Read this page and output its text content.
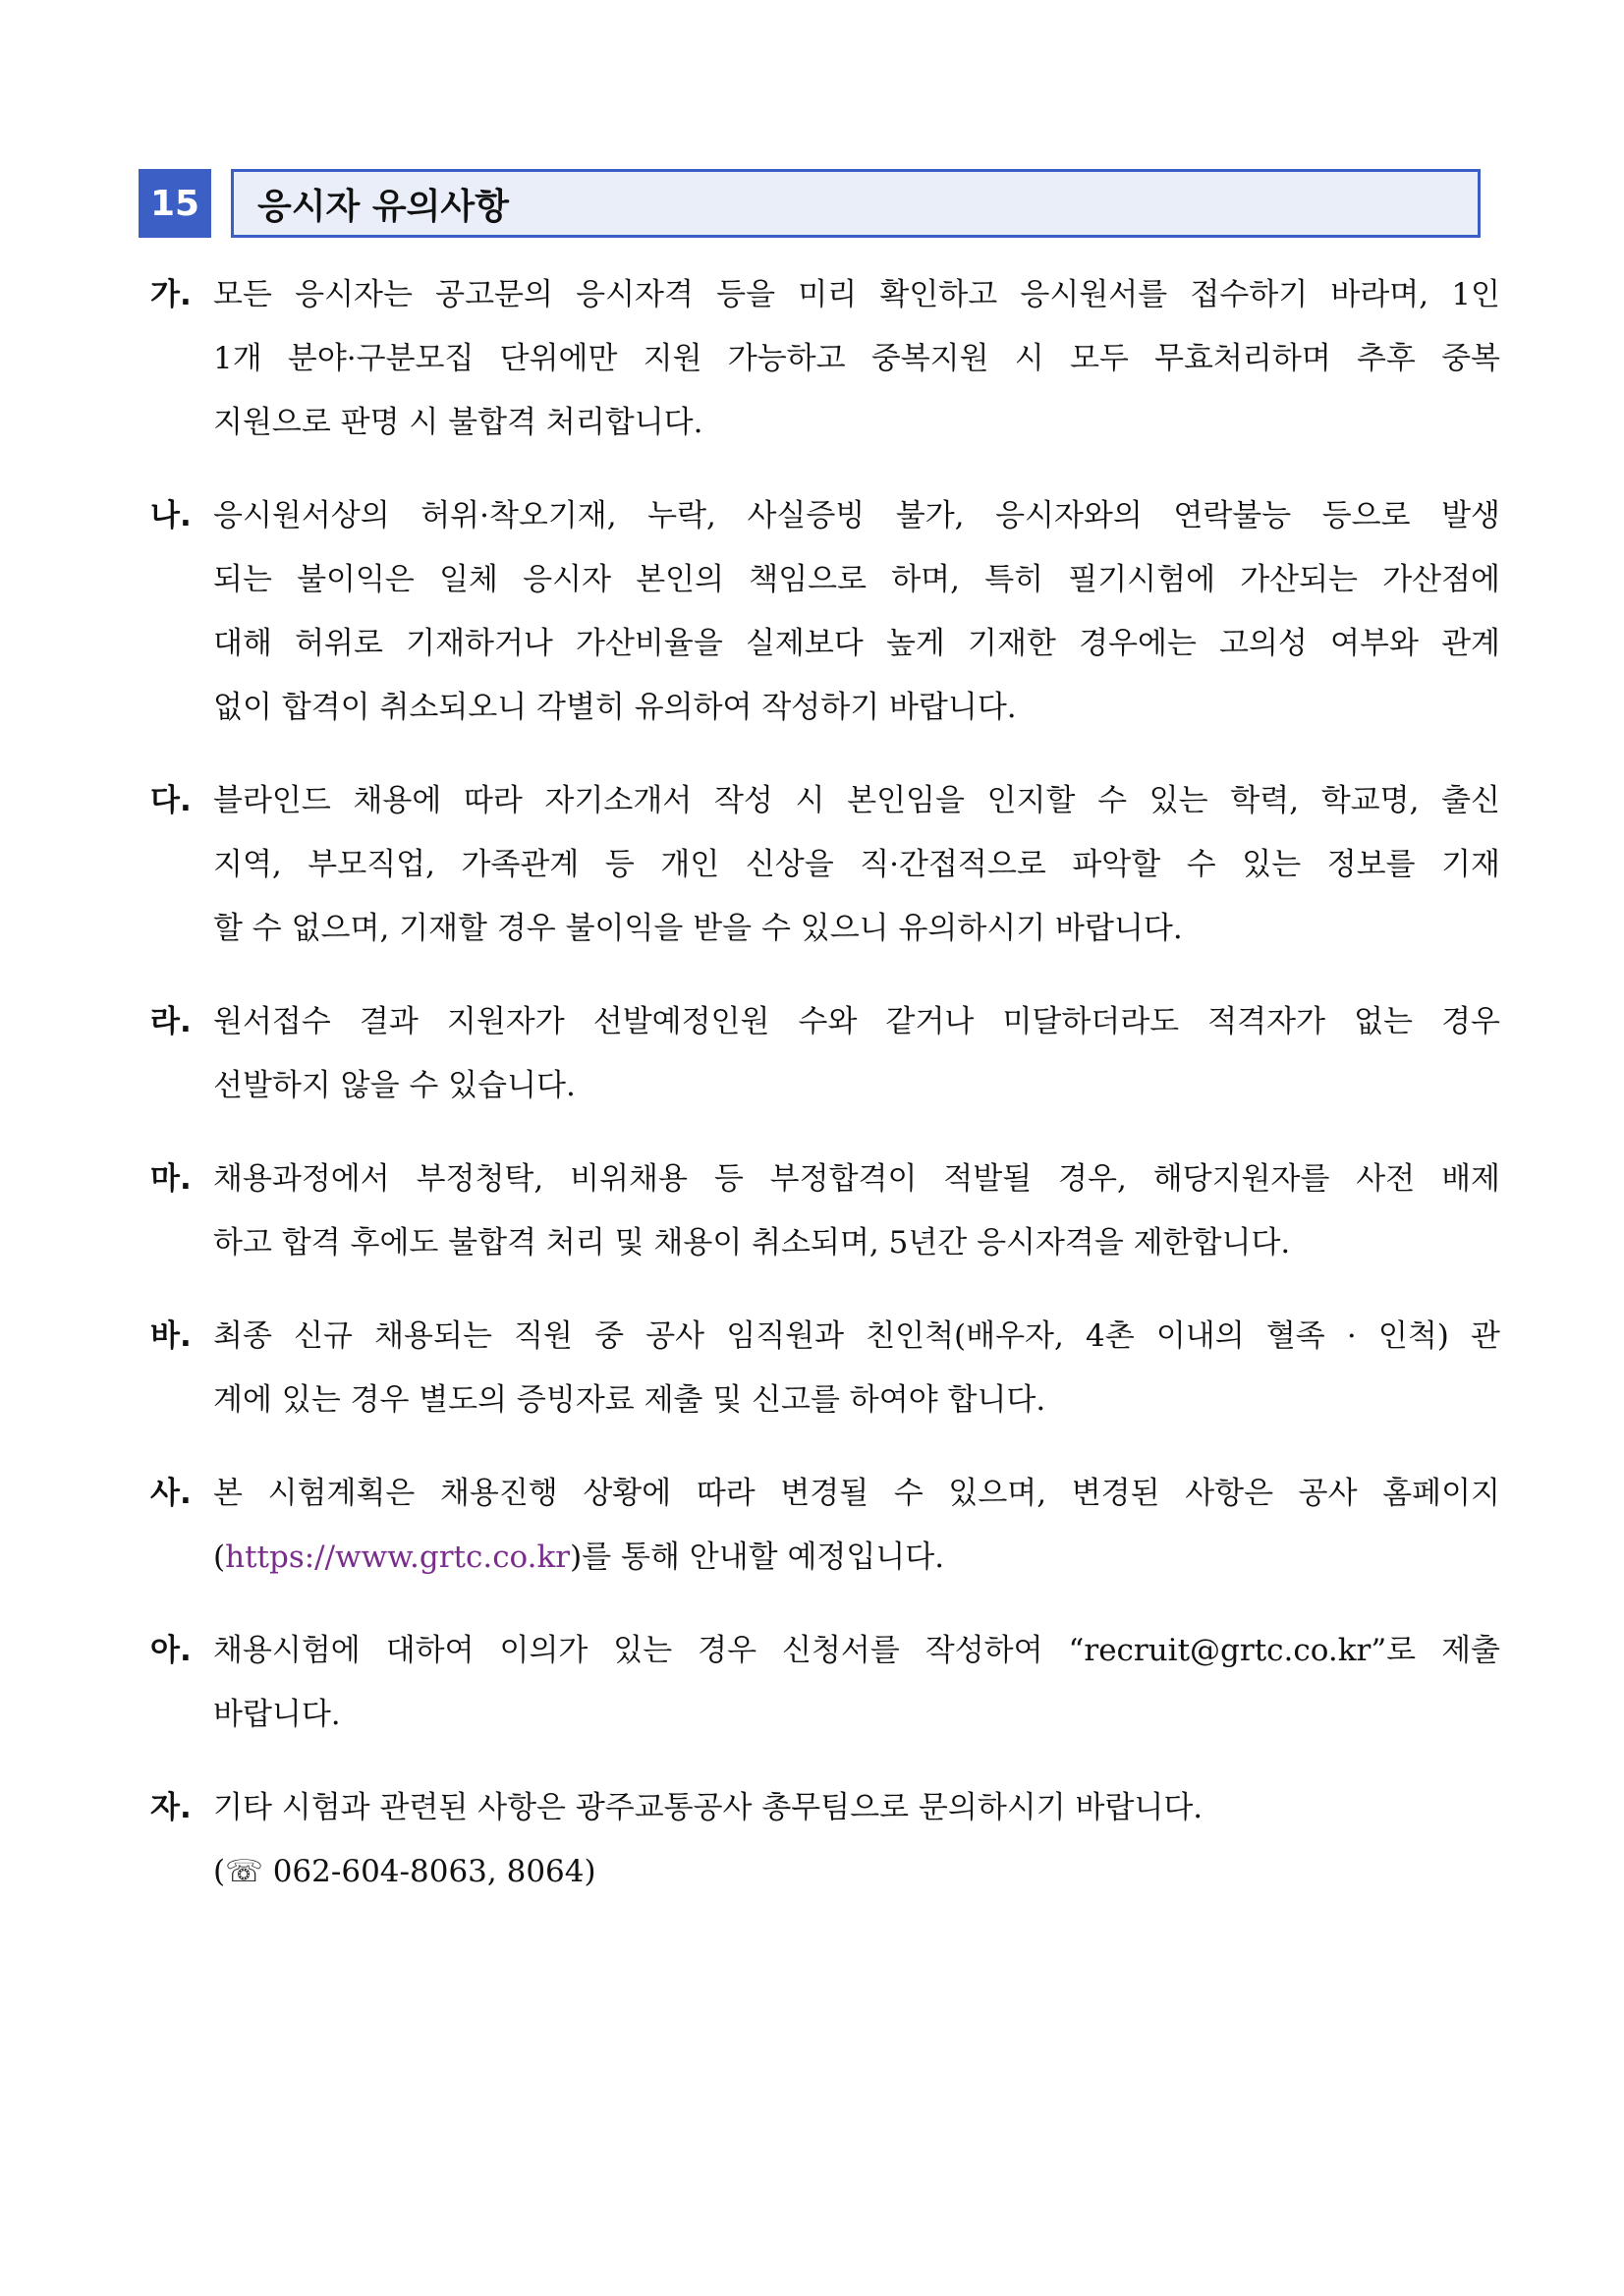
15	응시자 유의사항
가. 모든 응시자는 공고문의 응시자격 등을 미리 확인하고 응시원서를 접수하기 바라며, 1인
1개 분야·구분모집 단위에만 지원 가능하고 중복지원 시 모두 무효처리하며 추후 중복
지원으로 판명 시 불합격 처리합니다.
나. 응시원서상의 허위·착오기재, 누락, 사실증빙 불가, 응시자와의 연락불능 등으로 발생
되는 불이익은 일체 응시자 본인의 책임으로 하며, 특히 필기시험에 가산되는 가산점에
대해 허위로 기재하거나 가산비율을 실제보다 높게 기재한 경우에는 고의성 여부와 관계
없이 합격이 취소되오니 각별히 유의하여 작성하기 바랍니다.
다. 블라인드 채용에 따라 자기소개서 작성 시 본인임을 인지할 수 있는 학력, 학교명, 출신
지역, 부모직업, 가족관계 등 개인 신상을 직·간접적으로 파악할 수 있는 정보를 기재
할 수 없으며, 기재할 경우 불이익을 받을 수 있으니 유의하시기 바랍니다.
라. 원서접수 결과 지원자가 선발예정인원 수와 같거나 미달하더라도 적격자가 없는 경우
선발하지 않을 수 있습니다.
마. 채용과정에서 부정청탁, 비위채용 등 부정합격이 적발될 경우, 해당지원자를 사전 배제
하고 합격 후에도 불합격 처리 및 채용이 취소되며, 5년간 응시자격을 제한합니다.
바. 최종 신규 채용되는 직원 중 공사 임직원과 친인척(배우자, 4촌 이내의 혈족 · 인척) 관
계에 있는 경우 별도의 증빙자료 제출 및 신고를 하여야 합니다.
사. 본 시험계획은 채용진행 상황에 따라 변경될 수 있으며, 변경된 사항은 공사 홈페이지
(https://www.grtc.co.kr)를 통해 안내할 예정입니다.
아. 채용시험에 대하여 이의가 있는 경우 신청서를 작성하여 “recruit@grtc.co.kr”로 제출
바랍니다.
자. 기타 시험과 관련된 사항은 광주교통공사 총무팀으로 문의하시기 바랍니다.
(☏ 062-604-8063, 8064)
